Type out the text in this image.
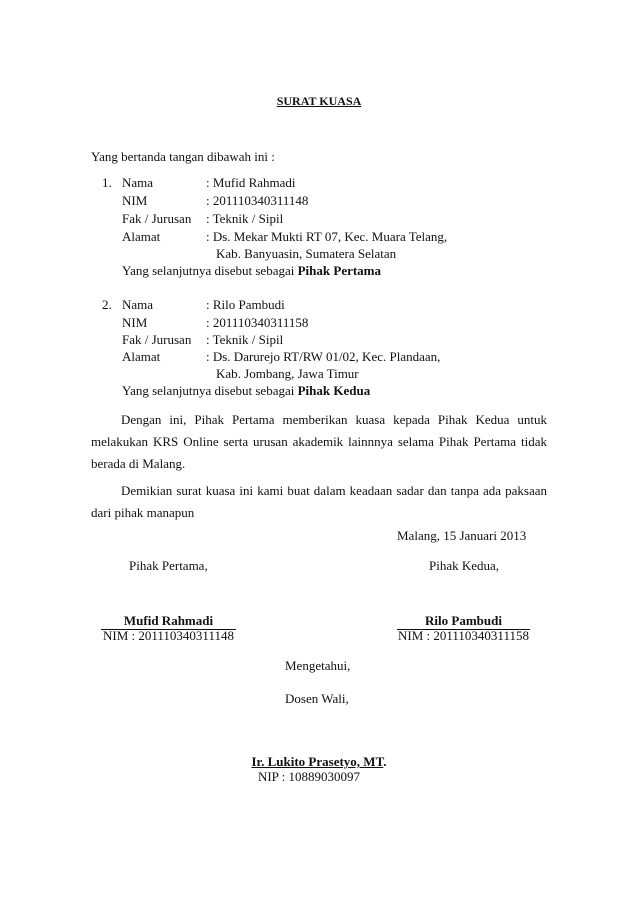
SURAT KUASA
Yang bertanda tangan dibawah ini :
1. Nama	: Mufid Rahmadi
NIM	: 201110340311148
Fak / Jurusan : Teknik / Sipil
Alamat	: Ds. Mekar Mukti RT 07, Kec. Muara Telang,
Kab. Banyuasin, Sumatera Selatan
Yang selanjutnya disebut sebagai Pihak Pertama
2. Nama	: Rilo Pambudi
NIM	: 201110340311158
Fak / Jurusan : Teknik / Sipil
Alamat	: Ds. Darurejo RT/RW 01/02, Kec. Plandaan,
Kab. Jombang, Jawa Timur
Yang selanjutnya disebut sebagai Pihak Kedua
Dengan ini, Pihak Pertama memberikan kuasa kepada Pihak Kedua untuk melakukan KRS Online serta urusan akademik lainnnya selama Pihak Pertama tidak berada di Malang.
Demikian surat kuasa ini kami buat dalam keadaan sadar dan tanpa ada paksaan dari pihak manapun
Malang, 15 Januari 2013
Pihak Pertama,	Pihak Kedua,
Mufid Rahmadi
NIM : 201110340311148
Rilo Pambudi
NIM : 201110340311158
Mengetahui,
Dosen Wali,
Ir. Lukito Prasetyo, MT.
NIP : 10889030097
